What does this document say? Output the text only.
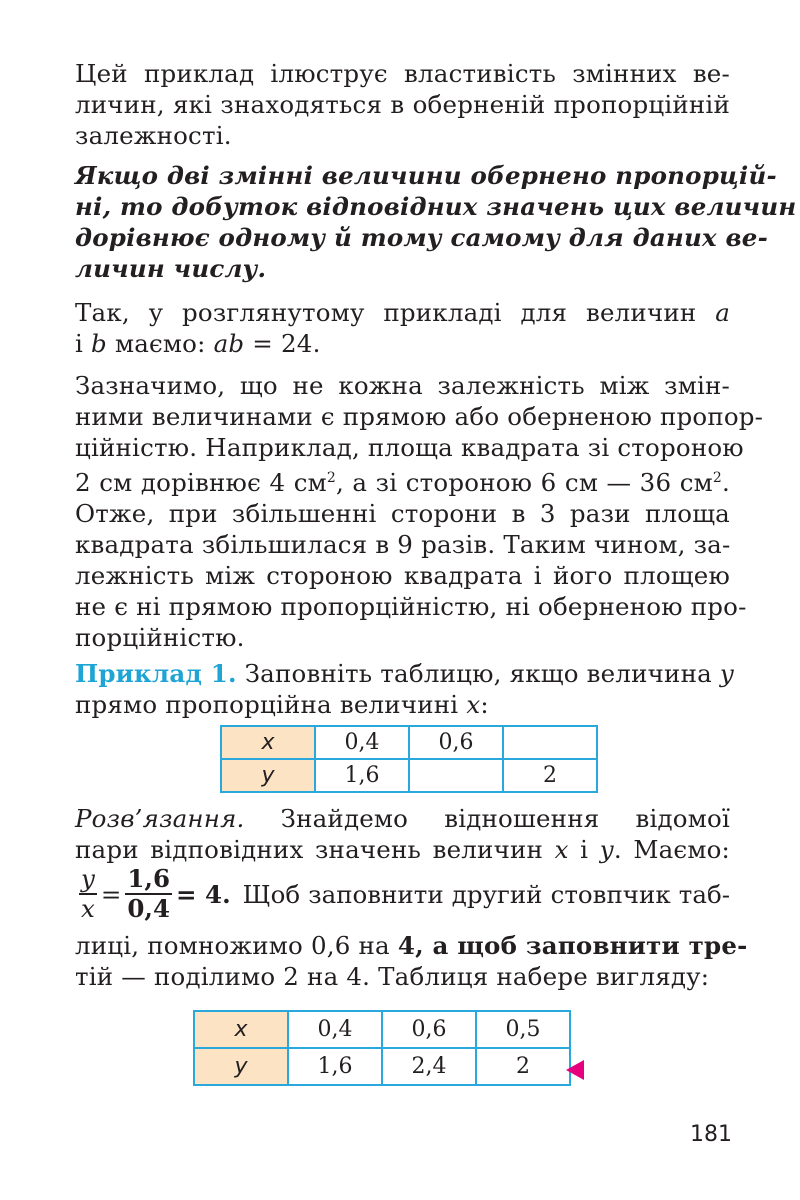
Цей приклад ілюструє властивість змінних ве-
личин, які знаходяться в оберненій пропорційній
залежності.

Якщо дві змінні величини обернено пропорцій-
ні, то добуток відповідних значень цих величин
дорівнює одному й тому самому для даних ве-
личин числу.

Так, у розглянутому прикладі для величин a
і b маємо: ab = 24.

Зазначимо, що не кожна залежність між змін-
ними величинами є прямою або оберненою пропор-
ційністю. Наприклад, площа квадрата зі стороною
2 см дорівнює 4 $см^2$, а зі стороною 6 см — 36 $см^2$.
Отже, при збільшенні сторони в 3 рази площа
квадрата збільшилася в 9 разів. Таким чином, за-
лежність між стороною квадрата і його площею
не є ні прямою пропорційністю, ні оберненою про-
порційністю.

Приклад 1. Заповніть таблицю, якщо величина y
прямо пропорційна величині x:

x	0,4	0,6	
y	1,6		2

Розв’язання. Знайдемо відношення відомої
пари відповідних значень величин x і y. Маємо:

$\frac{y}{x} = \frac{1,6}{0,4} = 4$. Щоб заповнити другий стовпчик таб-

лиці, помножимо 0,6 на 4, а щоб заповнити тре-
тій — поділимо 2 на 4. Таблиця набере вигляду:

x	0,4	0,6	0,5
y	1,6	2,4	2
181
